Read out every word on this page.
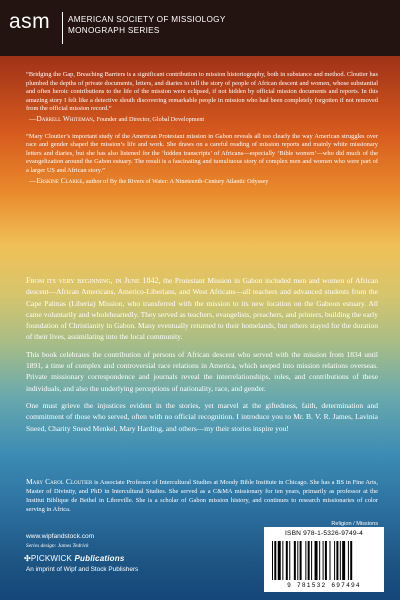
asm AMERICAN SOCIETY OF MISSIOLOGY
MONOGRAPH SERIES
“Bridging the Gap, Breaching Barriers is a significant contribution to mission historiography, both in substance and method. Cloutier has plumbed the depths of private documents, letters, and diaries to tell the story of people of African descent and women, whose substantial and often heroic contributions to the life of the mission were eclipsed, if not hidden by official mission documents and reports. In this amazing story I felt like a detective sleuth discovering remarkable people in mission who had been completely forgotten if not removed from the official mission record.”
—Darrell Whiteman, Founder and Director, Global Development
“Mary Cloutier’s important study of the American Protestant mission in Gabon reveals all too clearly the way American struggles over race and gender shaped the mission’s life and work. She draws on a careful reading of mission reports and mainly white missionary letters and diaries, but she has also listened for the ‘hidden transcripts’ of Africans—especially ‘Bible women’—who did much of the evangelization around the Gabon estuary. The result is a fascinating and tumultuous story of complex men and women who were part of a larger US and African story.”
—Erskine Clarke, author of By the Rivers of Water: A Nineteenth-Century Atlantic Odyssey

From its very beginning, in June 1842, the Protestant Mission in Gabon included men and women of African descent—African Americans, Americo-Liberians, and West Africans—all teachers and advanced students from the Cape Palmas (Liberia) Mission, who transferred with the mission to its new location on the Gaboon estuary. All came voluntarily and wholeheartedly. They served as teachers, evangelists, preachers, and printers, building the early foundation of Christianity in Gabon. Many eventually returned to their homelands, but others stayed for the duration of their lives, assimilating into the local community.

This book celebrates the contribution of persons of African descent who served with the mission from 1834 until 1891, a time of complex and controversial race relations in America, which seeped into mission relations overseas. Private missionary correspondence and journals reveal the interrelationships, roles, and contributions of these individuals, and also the underlying perceptions of nationality, race, and gender.

One must grieve the injustices evident in the stories, yet marvel at the giftedness, faith, determination and commitment of those who served, often with no official recognition. I introduce you to Mr. B. V. R. James, Lavinia Sneed, Charity Sneed Menkel, Mary Harding, and others—my their stories inspire you!

Mary Carol Cloutier is Associate Professor of Intercultural Studies at Moody Bible Institute in Chicago. She has a BS in Fine Arts, Master of Divinity, and PhD in Intercultural Studies. She served as a C&MA missionary for ten years, primarily as professor at the Institut Biblique de Bethel in Libreville. She is a scholar of Gabon mission history, and continues to research missionaries of color serving in Africa.
Religion / Missions
www.wipfandstock.com
Series design: James Tedrick
✣PICKWICK Publications
An imprint of Wipf and Stock Publishers
ISBN 978-1-5326-9749-4
9 781532 697494
